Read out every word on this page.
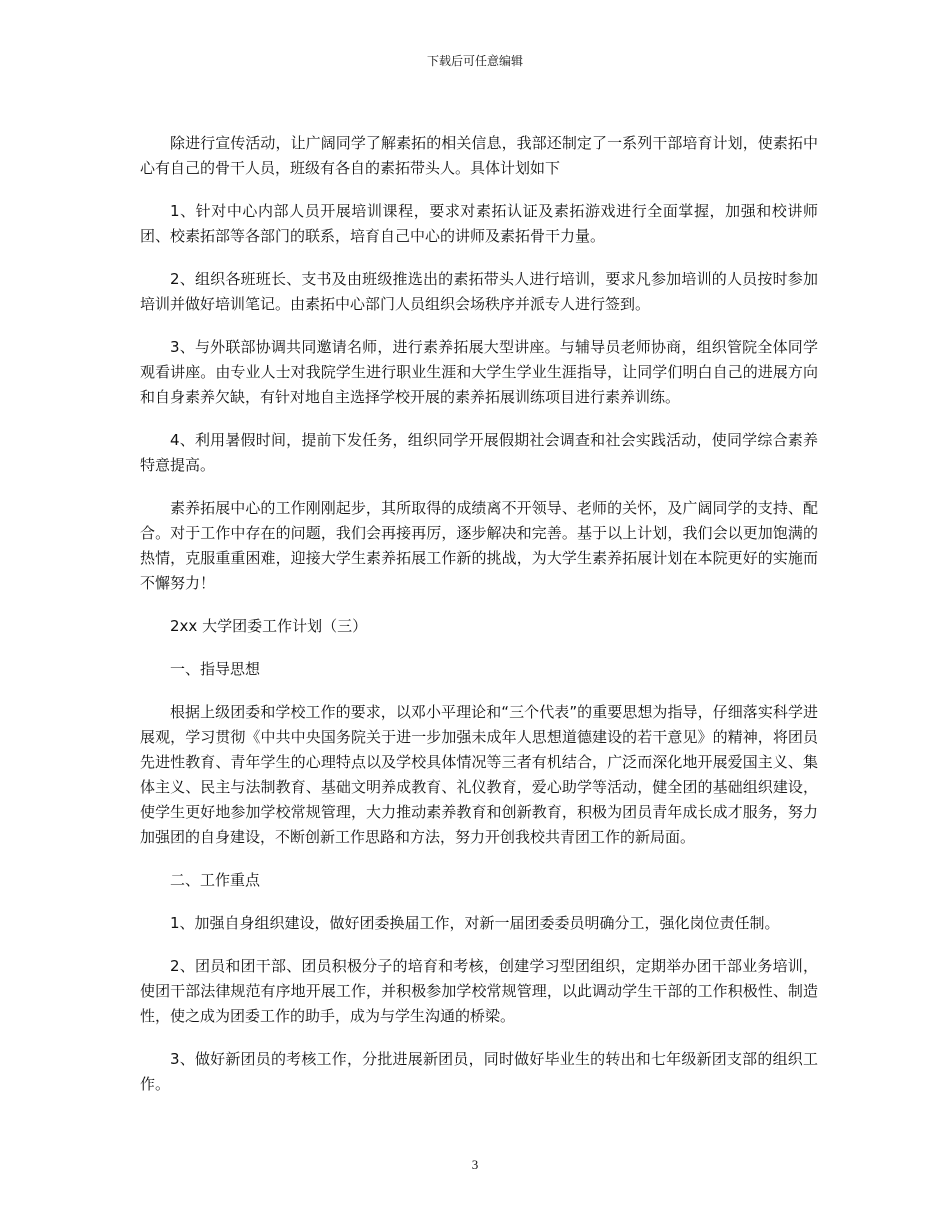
下载后可任意编辑

除进行宣传活动，让广阔同学了解素拓的相关信息，我部还制定了一系列干部培育计划，使素拓中心有自己的骨干人员，班级有各自的素拓带头人。具体计划如下

1、针对中心内部人员开展培训课程，要求对素拓认证及素拓游戏进行全面掌握，加强和校讲师团、校素拓部等各部门的联系，培育自己中心的讲师及素拓骨干力量。

2、组织各班班长、支书及由班级推选出的素拓带头人进行培训，要求凡参加培训的人员按时参加培训并做好培训笔记。由素拓中心部门人员组织会场秩序并派专人进行签到。

3、与外联部协调共同邀请名师，进行素养拓展大型讲座。与辅导员老师协商，组织管院全体同学观看讲座。由专业人士对我院学生进行职业生涯和大学生学业生涯指导，让同学们明白自己的进展方向和自身素养欠缺，有针对地自主选择学校开展的素养拓展训练项目进行素养训练。

4、利用暑假时间，提前下发任务，组织同学开展假期社会调查和社会实践活动，使同学综合素养特意提高。

素养拓展中心的工作刚刚起步，其所取得的成绩离不开领导、老师的关怀，及广阔同学的支持、配合。对于工作中存在的问题，我们会再接再厉，逐步解决和完善。基于以上计划，我们会以更加饱满的热情，克服重重困难，迎接大学生素养拓展工作新的挑战，为大学生素养拓展计划在本院更好的实施而不懈努力！

2xx 大学团委工作计划（三）

一、指导思想

根据上级团委和学校工作的要求，以邓小平理论和“三个代表”的重要思想为指导，仔细落实科学进展观，学习贯彻《中共中央国务院关于进一步加强未成年人思想道德建设的若干意见》的精神，将团员先进性教育、青年学生的心理特点以及学校具体情况等三者有机结合，广泛而深化地开展爱国主义、集体主义、民主与法制教育、基础文明养成教育、礼仪教育，爱心助学等活动，健全团的基础组织建设，使学生更好地参加学校常规管理，大力推动素养教育和创新教育，积极为团员青年成长成才服务，努力加强团的自身建设，不断创新工作思路和方法，努力开创我校共青团工作的新局面。

二、工作重点

1、加强自身组织建设，做好团委换届工作，对新一届团委委员明确分工，强化岗位责任制。

2、团员和团干部、团员积极分子的培育和考核，创建学习型团组织，定期举办团干部业务培训，使团干部法律规范有序地开展工作，并积极参加学校常规管理，以此调动学生干部的工作积极性、制造性，使之成为团委工作的助手，成为与学生沟通的桥梁。

3、做好新团员的考核工作，分批进展新团员，同时做好毕业生的转出和七年级新团支部的组织工作。

3
